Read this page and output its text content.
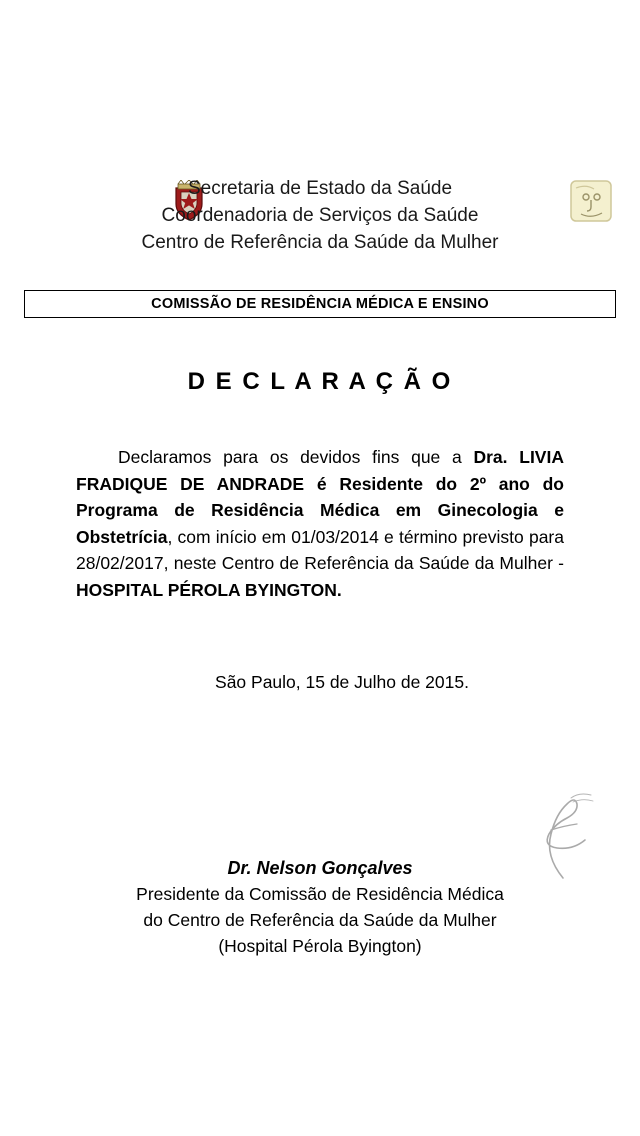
Secretaria de Estado da Saúde
Coordenadoria de Serviços da Saúde
Centro de Referência da Saúde da Mulher
COMISSÃO DE RESIDÊNCIA MÉDICA E ENSINO
D E C L A R A Ç Ã O
Declaramos para os devidos fins que a Dra. LIVIA FRADIQUE DE ANDRADE é Residente do 2º ano do Programa de Residência Médica em Ginecologia e Obstetrícia, com início em 01/03/2014 e término previsto para 28/02/2017, neste Centro de Referência da Saúde da Mulher - HOSPITAL PÉROLA BYINGTON.
São Paulo, 15 de Julho de 2015.
Dr. Nelson Gonçalves
Presidente da Comissão de Residência Médica
do Centro de Referência da Saúde da Mulher
(Hospital Pérola Byington)
